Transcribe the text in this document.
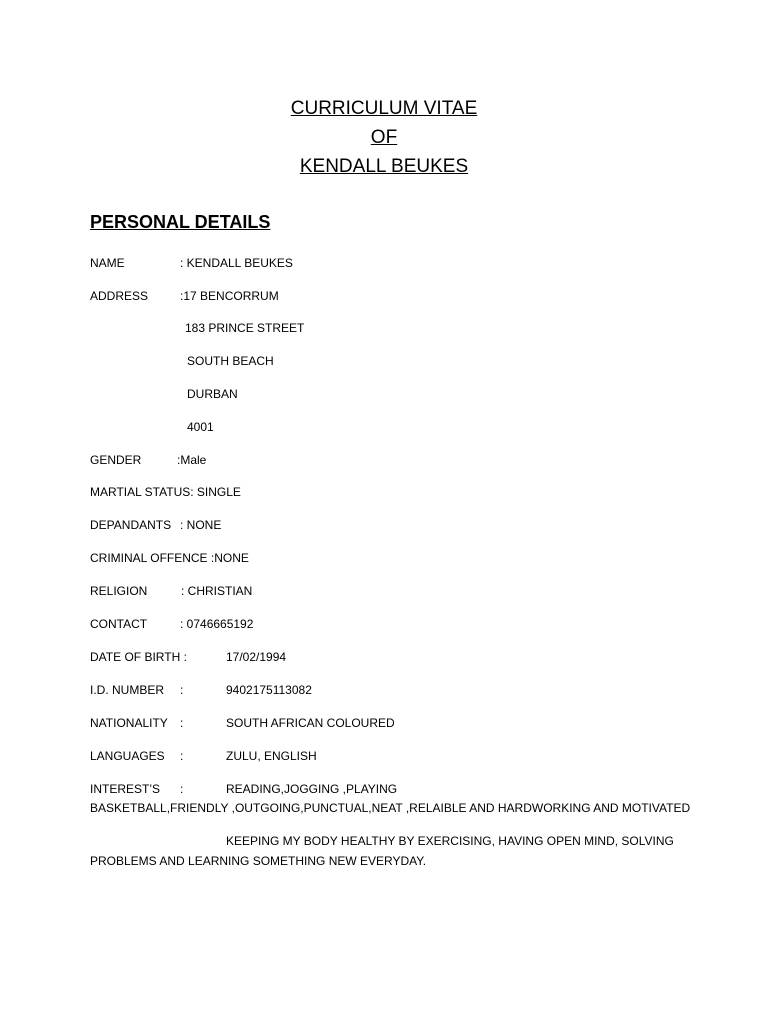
CURRICULUM VITAE
OF
KENDALL BEUKES
PERSONAL DETAILS
NAME	: KENDALL BEUKES
ADDRESS	:17 BENCORRUM
183 PRINCE STREET
SOUTH BEACH
DURBAN
4001
GENDER	:Male
MARTIAL STATUS: SINGLE
DEPANDANTS : NONE
CRIMINAL OFFENCE :NONE
RELIGION	: CHRISTIAN
CONTACT	: 0746665192
DATE OF BIRTH :	17/02/1994
I.D. NUMBER :	9402175113082
NATIONALITY :	SOUTH AFRICAN COLOURED
LANGUAGES :	ZULU, ENGLISH
INTEREST’S :	READING,JOGGING ,PLAYING
BASKETBALL,FRIENDLY ,OUTGOING,PUNCTUAL,NEAT ,RELAIBLE AND HARDWORKING AND MOTIVATED
KEEPING MY BODY HEALTHY BY EXERCISING, HAVING OPEN MIND, SOLVING
PROBLEMS AND LEARNING SOMETHING NEW EVERYDAY.
